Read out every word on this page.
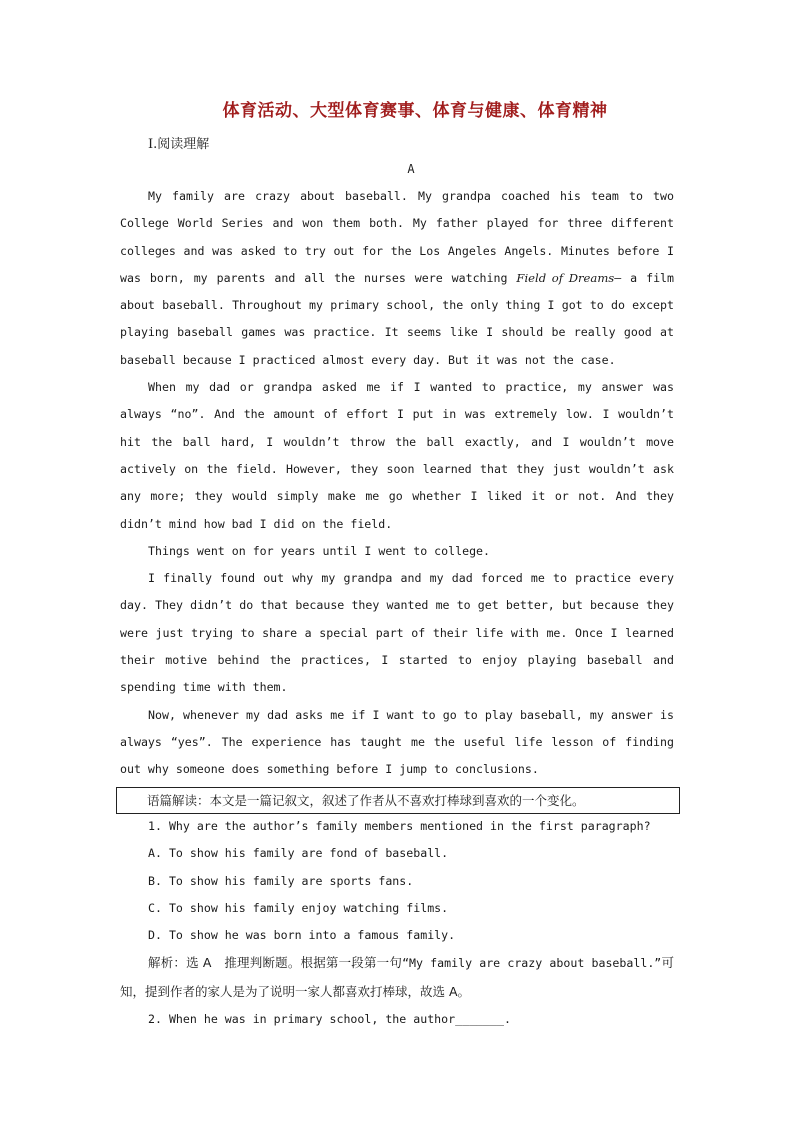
体育活动、大型体育赛事、体育与健康、体育精神
Ⅰ.阅读理解
A

My family are crazy about baseball. My grandpa coached his team to two College World Series and won them both. My father played for three different colleges and was asked to try out for the Los Angeles Angels. Minutes before I was born, my parents and all the nurses were watching Field of Dreams— a film about baseball. Throughout my primary school, the only thing I got to do except playing baseball games was practice. It seems like I should be really good at baseball because I practiced almost every day. But it was not the case.

When my dad or grandpa asked me if I wanted to practice, my answer was always “no”. And the amount of effort I put in was extremely low. I wouldn’t hit the ball hard, I wouldn’t throw the ball exactly, and I wouldn’t move actively on the field. However, they soon learned that they just wouldn’t ask any more; they would simply make me go whether I liked it or not. And they didn’t mind how bad I did on the field.

Things went on for years until I went to college.

I finally found out why my grandpa and my dad forced me to practice every day. They didn’t do that because they wanted me to get better, but because they were just trying to share a special part of their life with me. Once I learned their motive behind the practices, I started to enjoy playing baseball and spending time with them.

Now, whenever my dad asks me if I want to go to play baseball, my answer is always “yes”. The experience has taught me the useful life lesson of finding out why someone does something before I jump to conclusions.

语篇解读：本文是一篇记叙文，叙述了作者从不喜欢打棒球到喜欢的一个变化。

1. Why are the author’s family members mentioned in the first paragraph?

A. To show his family are fond of baseball.

B. To show his family are sports fans.

C. To show his family enjoy watching films.

D. To show he was born into a famous family.

解析：选 A　推理判断题。根据第一段第一句“My family are crazy about baseball.”可知，提到作者的家人是为了说明一家人都喜欢打棒球，故选 A。

2. When he was in primary school, the author_______.
